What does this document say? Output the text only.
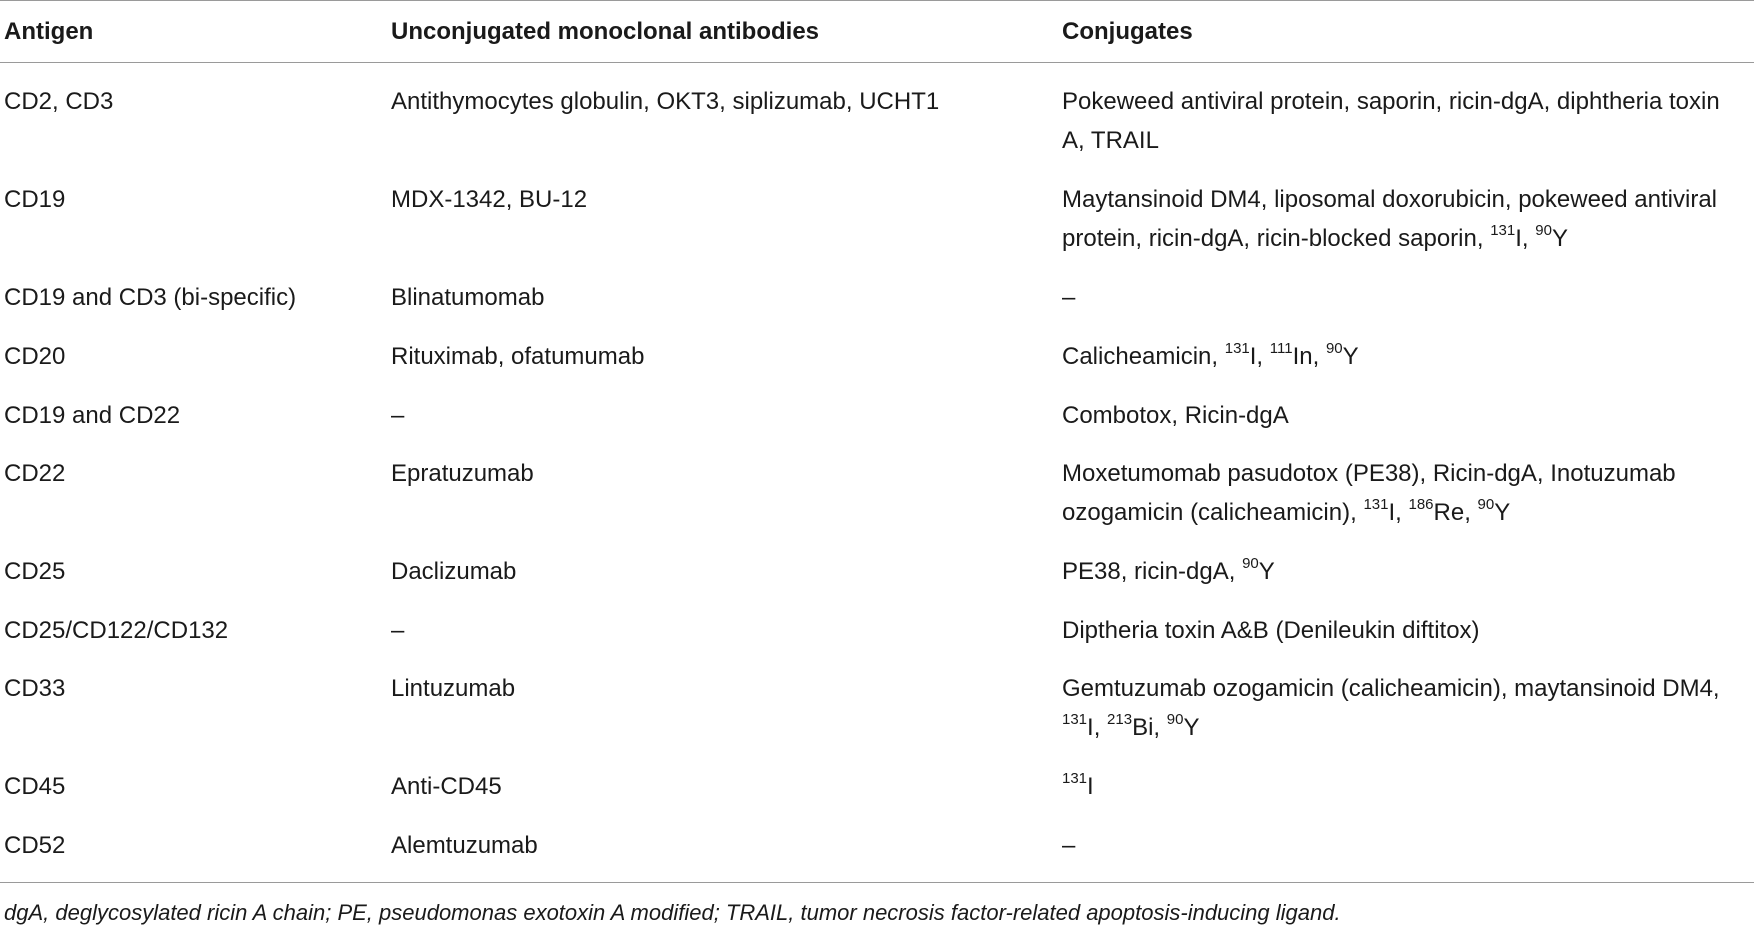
Antigen	Unconjugated monoclonal antibodies	Conjugates
CD2, CD3	Antithymocytes globulin, OKT3, siplizumab, UCHT1	Pokeweed antiviral protein, saporin, ricin-dgA, diphtheria toxin A, TRAIL
CD19	MDX-1342, BU-12	Maytansinoid DM4, liposomal doxorubicin, pokeweed antiviral protein, ricin-dgA, ricin-blocked saporin, $^{131}$I, $^{90}$Y
CD19 and CD3 (bi-specific)	Blinatumomab	–
CD20	Rituximab, ofatumumab	Calicheamicin, $^{131}$I, $^{111}$In, $^{90}$Y
CD19 and CD22	–	Combotox, Ricin-dgA
CD22	Epratuzumab	Moxetumomab pasudotox (PE38), Ricin-dgA, Inotuzumab ozogamicin (calicheamicin), $^{131}$I, $^{186}$Re, $^{90}$Y
CD25	Daclizumab	PE38, ricin-dgA, $^{90}$Y
CD25/CD122/CD132	–	Diptheria toxin A&B (Denileukin diftitox)
CD33	Lintuzumab	Gemtuzumab ozogamicin (calicheamicin), maytansinoid DM4, $^{131}$I, $^{213}$Bi, $^{90}$Y
CD45	Anti-CD45	$^{131}$I
CD52	Alemtuzumab	–
dgA, deglycosylated ricin A chain; PE, pseudomonas exotoxin A modified; TRAIL, tumor necrosis factor-related apoptosis-inducing ligand.
